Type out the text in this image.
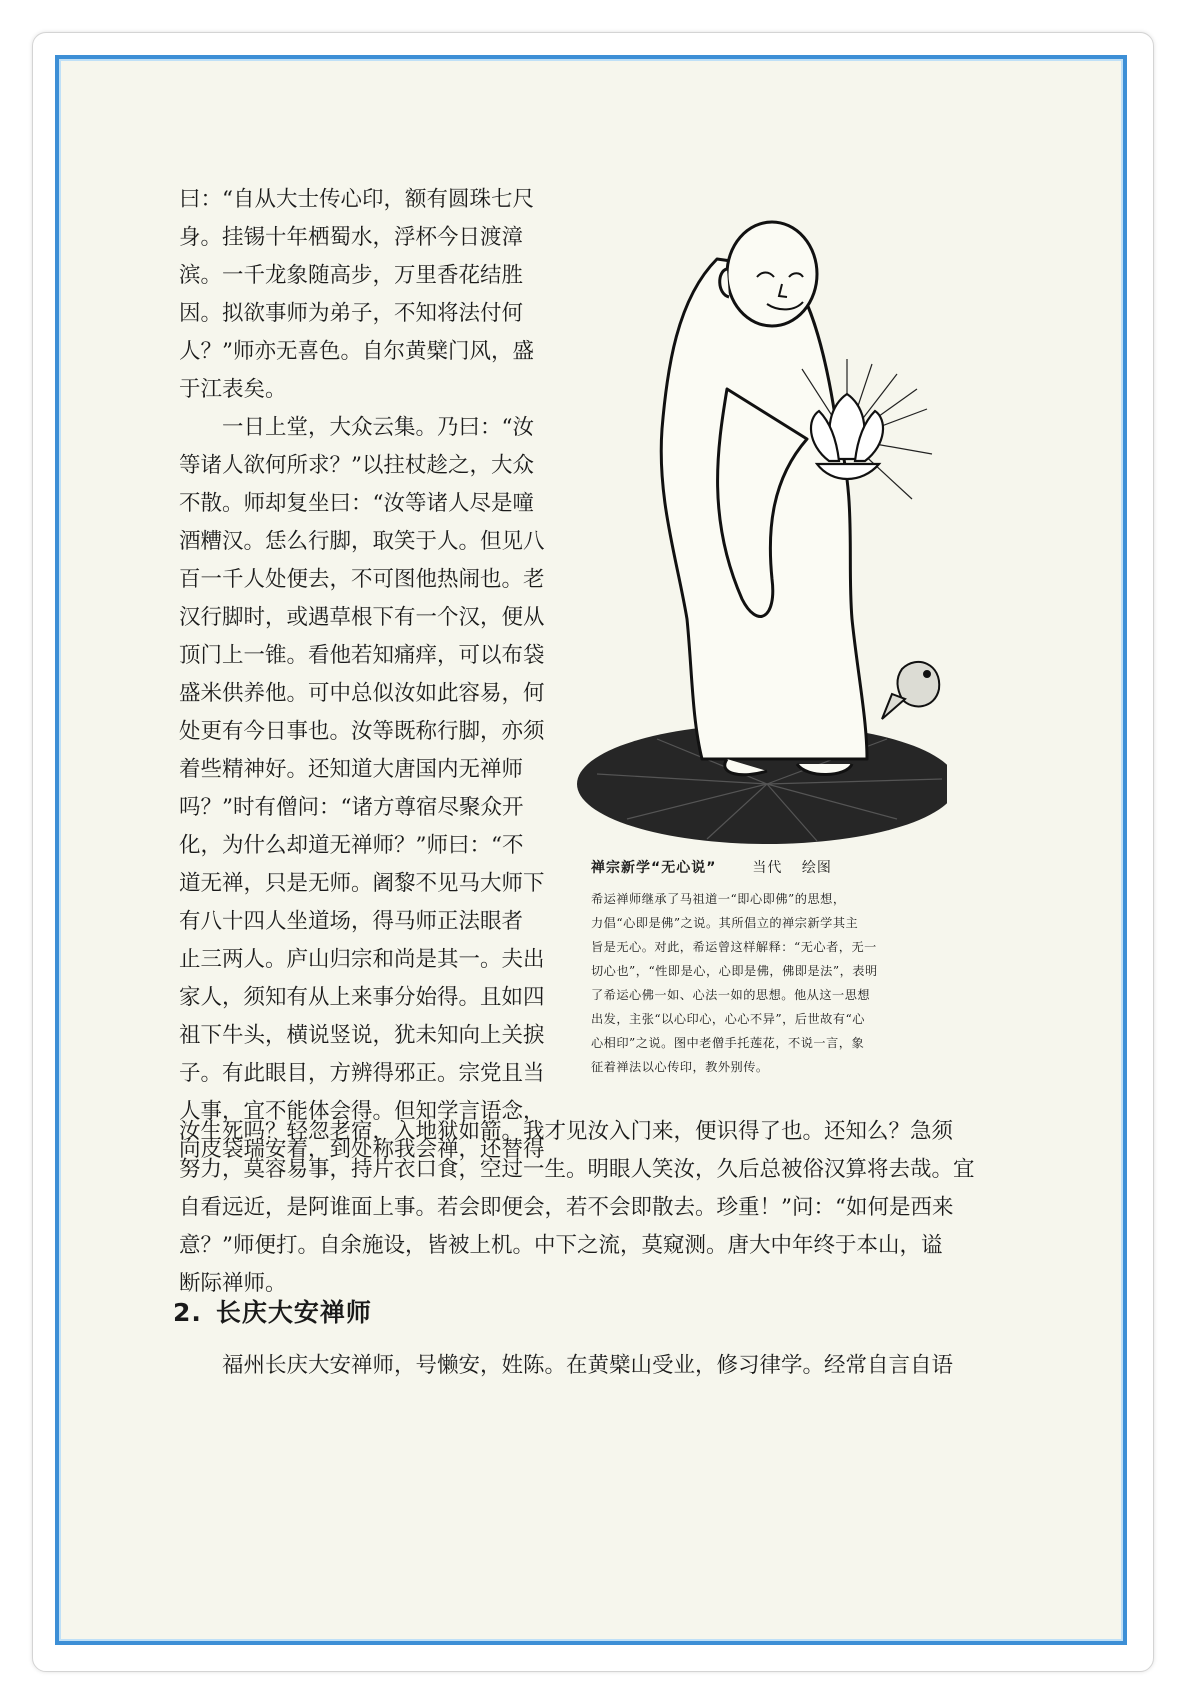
曰：“自从大士传心印，额有圆珠七尺
身。挂锡十年栖蜀水，浮杯今日渡漳
滨。一千龙象随高步，万里香花结胜
因。拟欲事师为弟子，不知将法付何
人？”师亦无喜色。自尔黄檗门风，盛
于江表矣。
一日上堂，大众云集。乃曰：“汝
等诸人欲何所求？”以拄杖趁之，大众
不散。师却复坐曰：“汝等诸人尽是噇
酒糟汉。恁么行脚，取笑于人。但见八
百一千人处便去，不可图他热闹也。老
汉行脚时，或遇草根下有一个汉，便从
顶门上一锥。看他若知痛痒，可以布袋
盛米供养他。可中总似汝如此容易，何
处更有今日事也。汝等既称行脚，亦须
着些精神好。还知道大唐国内无禅师
吗？”时有僧问：“诸方尊宿尽聚众开
化，为什么却道无禅师？”师曰：“不
道无禅，只是无师。阇黎不见马大师下
有八十四人坐道场，得马师正法眼者
止三两人。庐山归宗和尚是其一。夫出
家人，须知有从上来事分始得。且如四
祖下牛头，横说竖说，犹未知向上关捩
子。有此眼目，方辨得邪正。宗党且当
人事，宜不能体会得。但知学言语念，
向皮袋瑞安着，到处称我会禅，还替得
禅宗新学“无心说”	当代 绘图
希运禅师继承了马祖道一“即心即佛”的思想，
力倡“心即是佛”之说。其所倡立的禅宗新学其主
旨是无心。对此，希运曾这样解释：“无心者，无一
切心也”，“性即是心，心即是佛，佛即是法”，表明
了希运心佛一如、心法一如的思想。他从这一思想
出发，主张“以心印心，心心不异”，后世故有“心
心相印”之说。图中老僧手托莲花，不说一言，象
征着禅法以心传印，教外别传。
汝生死吗？轻忽老宿，入地狱如箭。我才见汝入门来，便识得了也。还知么？急须
努力，莫容易事，持片衣口食，空过一生。明眼人笑汝，久后总被俗汉算将去哉。宜
自看远近，是阿谁面上事。若会即便会，若不会即散去。珍重！”问：“如何是西来
意？”师便打。自余施设，皆被上机。中下之流，莫窥测。唐大中年终于本山，谥
断际禅师。
2. 长庆大安禅师
福州长庆大安禅师，号懒安，姓陈。在黄檗山受业，修习律学。经常自言自语
